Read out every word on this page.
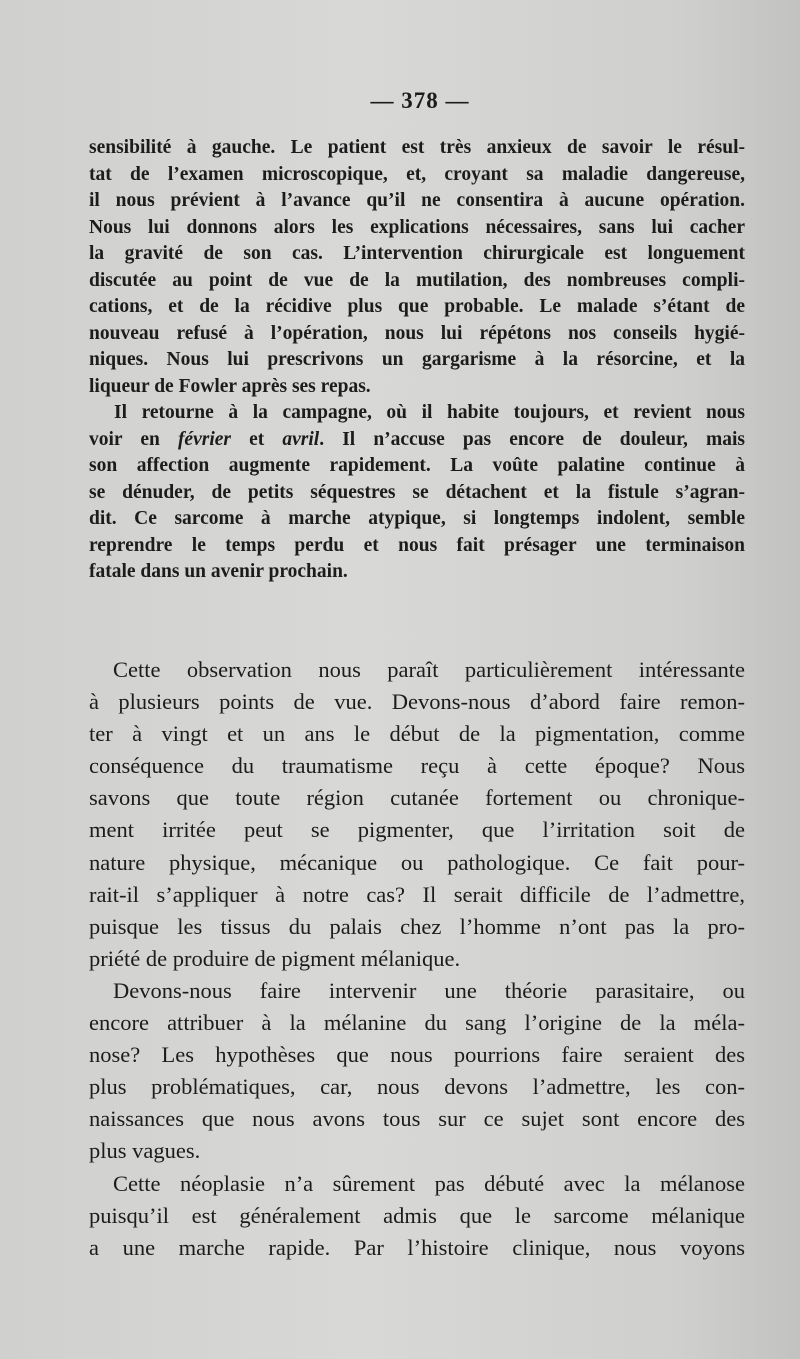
— 378 —
sensibilité à gauche. Le patient est très anxieux de savoir le résul-
tat de l’examen microscopique, et, croyant sa maladie dangereuse,
il nous prévient à l’avance qu’il ne consentira à aucune opération.
Nous lui donnons alors les explications nécessaires, sans lui cacher
la gravité de son cas. L’intervention chirurgicale est longuement
discutée au point de vue de la mutilation, des nombreuses compli-
cations, et de la récidive plus que probable. Le malade s’étant de
nouveau refusé à l’opération, nous lui répétons nos conseils hygié-
niques. Nous lui prescrivons un gargarisme à la résorcine, et la
liqueur de Fowler après ses repas.
Il retourne à la campagne, où il habite toujours, et revient nous
voir en février et avril. Il n’accuse pas encore de douleur, mais
son affection augmente rapidement. La voûte palatine continue à
se dénuder, de petits séquestres se détachent et la fistule s’agran-
dit. Ce sarcome à marche atypique, si longtemps indolent, semble
reprendre le temps perdu et nous fait présager une terminaison
fatale dans un avenir prochain.
Cette observation nous paraît particulièrement intéressante
à plusieurs points de vue. Devons-nous d’abord faire remon-
ter à vingt et un ans le début de la pigmentation, comme
conséquence du traumatisme reçu à cette époque? Nous
savons que toute région cutanée fortement ou chronique-
ment irritée peut se pigmenter, que l’irritation soit de
nature physique, mécanique ou pathologique. Ce fait pour-
rait-il s’appliquer à notre cas? Il serait difficile de l’admettre,
puisque les tissus du palais chez l’homme n’ont pas la pro-
priété de produire de pigment mélanique.
Devons-nous faire intervenir une théorie parasitaire, ou
encore attribuer à la mélanine du sang l’origine de la méla-
nose? Les hypothèses que nous pourrions faire seraient des
plus problématiques, car, nous devons l’admettre, les con-
naissances que nous avons tous sur ce sujet sont encore des
plus vagues.
Cette néoplasie n’a sûrement pas débuté avec la mélanose
puisqu’il est généralement admis que le sarcome mélanique
a une marche rapide. Par l’histoire clinique, nous voyons
